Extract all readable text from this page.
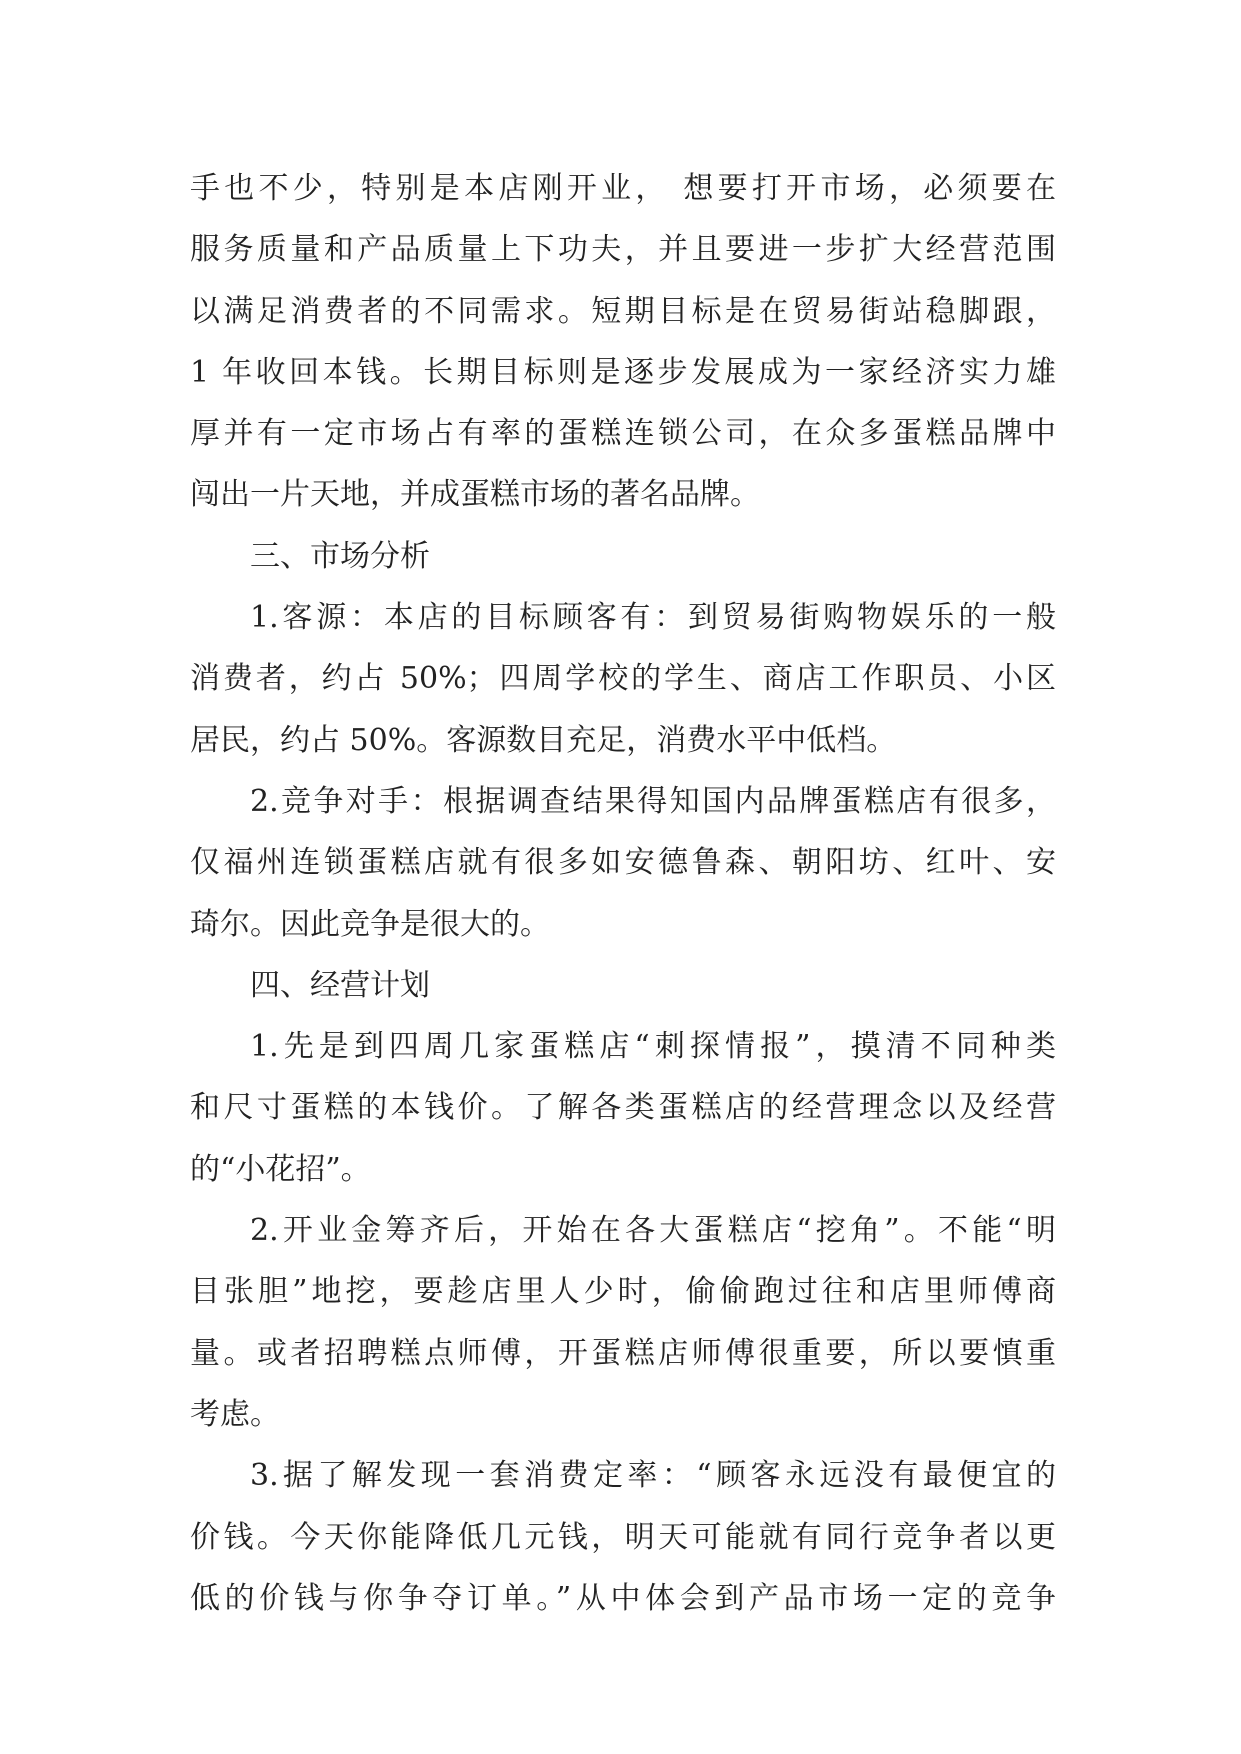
手也不少，特别是本店刚开业， 想要打开市场，必须要在
服务质量和产品质量上下功夫，并且要进一步扩大经营范围
以满足消费者的不同需求。短期目标是在贸易街站稳脚跟，
1 年收回本钱。长期目标则是逐步发展成为一家经济实力雄
厚并有一定市场占有率的蛋糕连锁公司，在众多蛋糕品牌中
闯出一片天地，并成蛋糕市场的著名品牌。
三、市场分析
1.客源：本店的目标顾客有：到贸易街购物娱乐的一般
消费者，约占 50%；四周学校的学生、商店工作职员、小区
居民，约占 50%。客源数目充足，消费水平中低档。
2.竞争对手：根据调查结果得知国内品牌蛋糕店有很多，
仅福州连锁蛋糕店就有很多如安德鲁森、朝阳坊、红叶、安
琦尔。因此竞争是很大的。
四、经营计划
1.先是到四周几家蛋糕店“刺探情报”，摸清不同种类
和尺寸蛋糕的本钱价。了解各类蛋糕店的经营理念以及经营
的“小花招”。
2.开业金筹齐后，开始在各大蛋糕店“挖角”。不能“明
目张胆”地挖，要趁店里人少时，偷偷跑过往和店里师傅商
量。或者招聘糕点师傅，开蛋糕店师傅很重要，所以要慎重
考虑。
3.据了解发现一套消费定率：“顾客永远没有最便宜的
价钱。今天你能降低几元钱，明天可能就有同行竞争者以更
低的价钱与你争夺订单。”从中体会到产品市场一定的竞争
